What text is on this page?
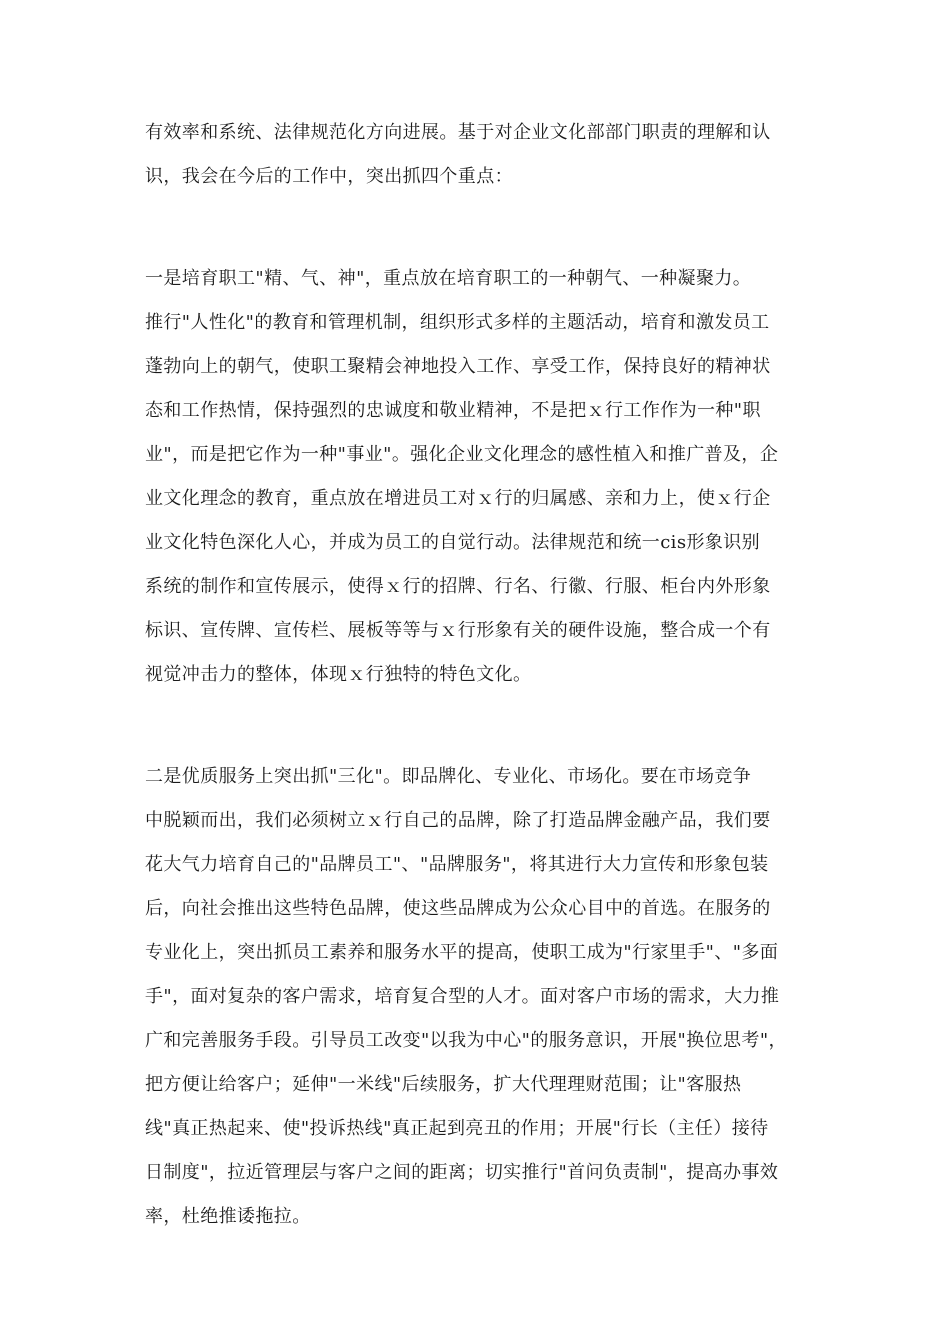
有效率和系统、法律规范化方向进展。基于对企业文化部部门职责的理解和认
识，我会在今后的工作中，突出抓四个重点：
一是培育职工"精、气、神"，重点放在培育职工的一种朝气、一种凝聚力。
推行"人性化"的教育和管理机制，组织形式多样的主题活动，培育和激发员工
蓬勃向上的朝气，使职工聚精会神地投入工作、享受工作，保持良好的精神状
态和工作热情，保持强烈的忠诚度和敬业精神，不是把ｘ行工作作为一种"职
业"，而是把它作为一种"事业"。强化企业文化理念的感性植入和推广普及，企
业文化理念的教育，重点放在增进员工对ｘ行的归属感、亲和力上，使ｘ行企
业文化特色深化人心，并成为员工的自觉行动。法律规范和统一cis形象识别
系统的制作和宣传展示，使得ｘ行的招牌、行名、行徽、行服、柜台内外形象
标识、宣传牌、宣传栏、展板等等与ｘ行形象有关的硬件设施，整合成一个有
视觉冲击力的整体，体现ｘ行独特的特色文化。
二是优质服务上突出抓"三化"。即品牌化、专业化、市场化。要在市场竞争
中脱颖而出，我们必须树立ｘ行自己的品牌，除了打造品牌金融产品，我们要
花大气力培育自己的"品牌员工"、"品牌服务"，将其进行大力宣传和形象包装
后，向社会推出这些特色品牌，使这些品牌成为公众心目中的首选。在服务的
专业化上，突出抓员工素养和服务水平的提高，使职工成为"行家里手"、"多面
手"，面对复杂的客户需求，培育复合型的人才。面对客户市场的需求，大力推
广和完善服务手段。引导员工改变"以我为中心"的服务意识，开展"换位思考"，
把方便让给客户；延伸"一米线"后续服务，扩大代理理财范围；让"客服热
线"真正热起来、使"投诉热线"真正起到亮丑的作用；开展"行长（主任）接待
日制度"，拉近管理层与客户之间的距离；切实推行"首问负责制"，提高办事效
率，杜绝推诿拖拉。
